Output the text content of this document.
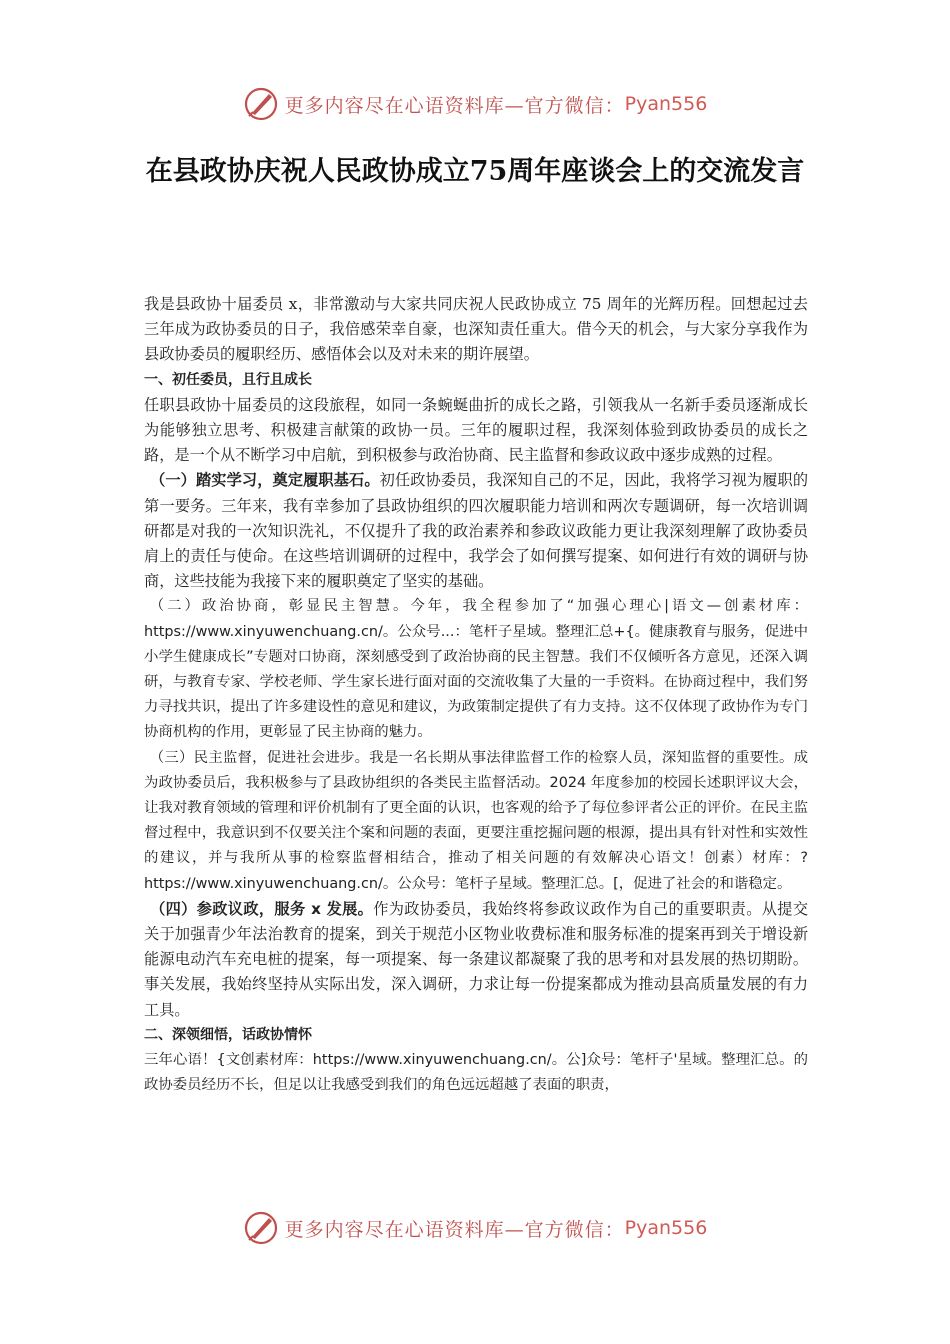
更多内容尽在心语资料库—官方微信： Pyan556
在县政协庆祝人民政协成立75周年座谈会上的交流发言

我是县政协十届委员 x，非常激动与大家共同庆祝人民政协成立 75 周年的光辉历程。回想起过去三年成为政协委员的日子，我倍感荣幸自豪，也深知责任重大。借今天的机会，与大家分享我作为县政协委员的履职经历、感悟体会以及对未来的期许展望。

一、初任委员，且行且成长

任职县政协十届委员的这段旅程，如同一条蜿蜒曲折的成长之路，引领我从一名新手委员逐渐成长为能够独立思考、积极建言献策的政协一员。三年的履职过程，我深刻体验到政协委员的成长之路，是一个从不断学习中启航，到积极参与政治协商、民主监督和参政议政中逐步成熟的过程。

（一）踏实学习，奠定履职基石。初任政协委员，我深知自己的不足，因此，我将学习视为履职的第一要务。三年来，我有幸参加了县政协组织的四次履职能力培训和两次专题调研，每一次培训调研都是对我的一次知识洗礼，不仅提升了我的政治素养和参政议政能力更让我深刻理解了政协委员肩上的责任与使命。在这些培训调研的过程中，我学会了如何撰写提案、如何进行有效的调研与协商，这些技能为我接下来的履职奠定了坚实的基础。

（二）政治协商，彰显民主智慧。今年，我全程参加了“加强心理心|语文—创素材库：https://www.xinyuwenchuang.cn/。公众号...：笔杆子星域。整理汇总+{。健康教育与服务，促进中小学生健康成长”专题对口协商，深刻感受到了政治协商的民主智慧。我们不仅倾听各方意见，还深入调研，与教育专家、学校老师、学生家长进行面对面的交流收集了大量的一手资料。在协商过程中，我们努力寻找共识，提出了许多建设性的意见和建议，为政策制定提供了有力支持。这不仅体现了政协作为专门协商机构的作用，更彰显了民主协商的魅力。

（三）民主监督，促进社会进步。我是一名长期从事法律监督工作的检察人员，深知监督的重要性。成为政协委员后，我积极参与了县政协组织的各类民主监督活动。2024 年度参加的校园长述职评议大会，让我对教育领域的管理和评价机制有了更全面的认识，也客观的给予了每位参评者公正的评价。在民主监督过程中，我意识到不仅要关注个案和问题的表面，更要注重挖掘问题的根源，提出具有针对性和实效性的建议，并与我所从事的检察监督相结合，推动了相关问题的有效解决心语文！创素）材库：?https://www.xinyuwenchuang.cn/。公众号：笔杆子星域。整理汇总。[，促进了社会的和谐稳定。

（四）参政议政，服务 x 发展。作为政协委员，我始终将参政议政作为自己的重要职责。从提交关于加强青少年法治教育的提案，到关于规范小区物业收费标准和服务标准的提案再到关于增设新能源电动汽车充电桩的提案，每一项提案、每一条建议都凝聚了我的思考和对县发展的热切期盼。事关发展，我始终坚持从实际出发，深入调研，力求让每一份提案都成为推动县高质量发展的有力工具。

二、深领细悟，话政协情怀

三年心语！{文创素材库：https://www.xinyuwenchuang.cn/。公]众号：笔杆子'星域。整理汇总。的政协委员经历不长，但足以让我感受到我们的角色远远超越了表面的职责，

更多内容尽在心语资料库—官方微信： Pyan556
